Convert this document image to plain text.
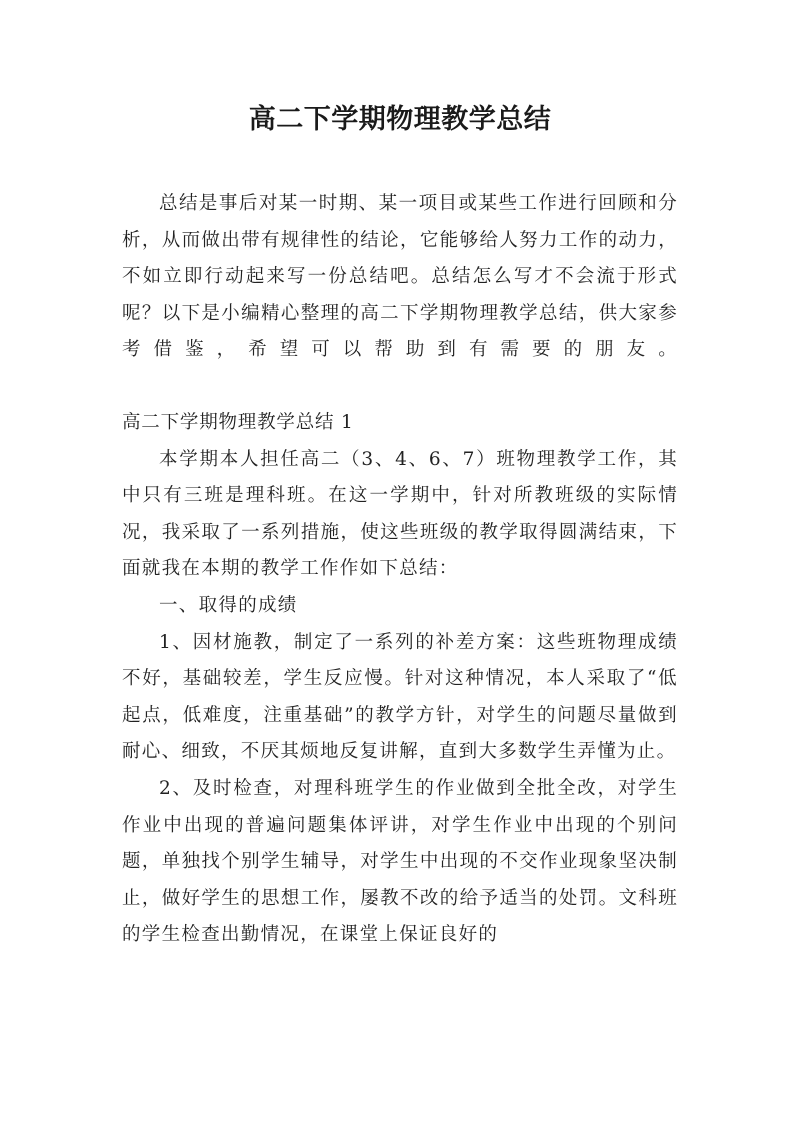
高二下学期物理教学总结

总结是事后对某一时期、某一项目或某些工作进行回顾和分析，从而做出带有规律性的结论，它能够给人努力工作的动力，不如立即行动起来写一份总结吧。总结怎么写才不会流于形式呢？以下是小编精心整理的高二下学期物理教学总结，供大家参考借鉴，希望可以帮助到有需要的朋友。

高二下学期物理教学总结 1

本学期本人担任高二（3、4、6、7）班物理教学工作，其中只有三班是理科班。在这一学期中，针对所教班级的实际情况，我采取了一系列措施，使这些班级的教学取得圆满结束，下面就我在本期的教学工作作如下总结：

一、取得的成绩

1、因材施教，制定了一系列的补差方案：这些班物理成绩不好，基础较差，学生反应慢。针对这种情况，本人采取了“低起点，低难度，注重基础”的教学方针，对学生的问题尽量做到耐心、细致，不厌其烦地反复讲解，直到大多数学生弄懂为止。

2、及时检查，对理科班学生的作业做到全批全改，对学生作业中出现的普遍问题集体评讲，对学生作业中出现的个别问题，单独找个别学生辅导，对学生中出现的不交作业现象坚决制止，做好学生的思想工作，屡教不改的给予适当的处罚。文科班的学生检查出勤情况，在课堂上保证良好的
